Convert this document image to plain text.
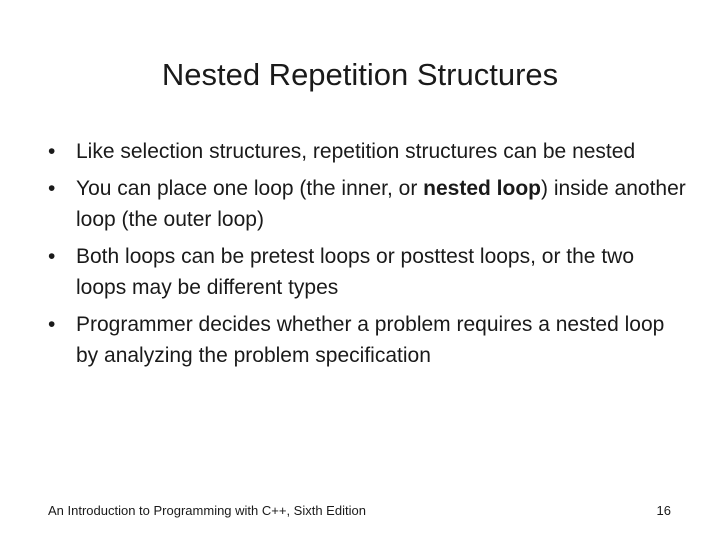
Nested Repetition Structures
• Like selection structures, repetition structures can be nested
• You can place one loop (the inner, or nested loop) inside another loop (the outer loop)
• Both loops can be pretest loops or posttest loops, or the two loops may be different types
• Programmer decides whether a problem requires a nested loop by analyzing the problem specification
An Introduction to Programming with C++, Sixth Edition	16
